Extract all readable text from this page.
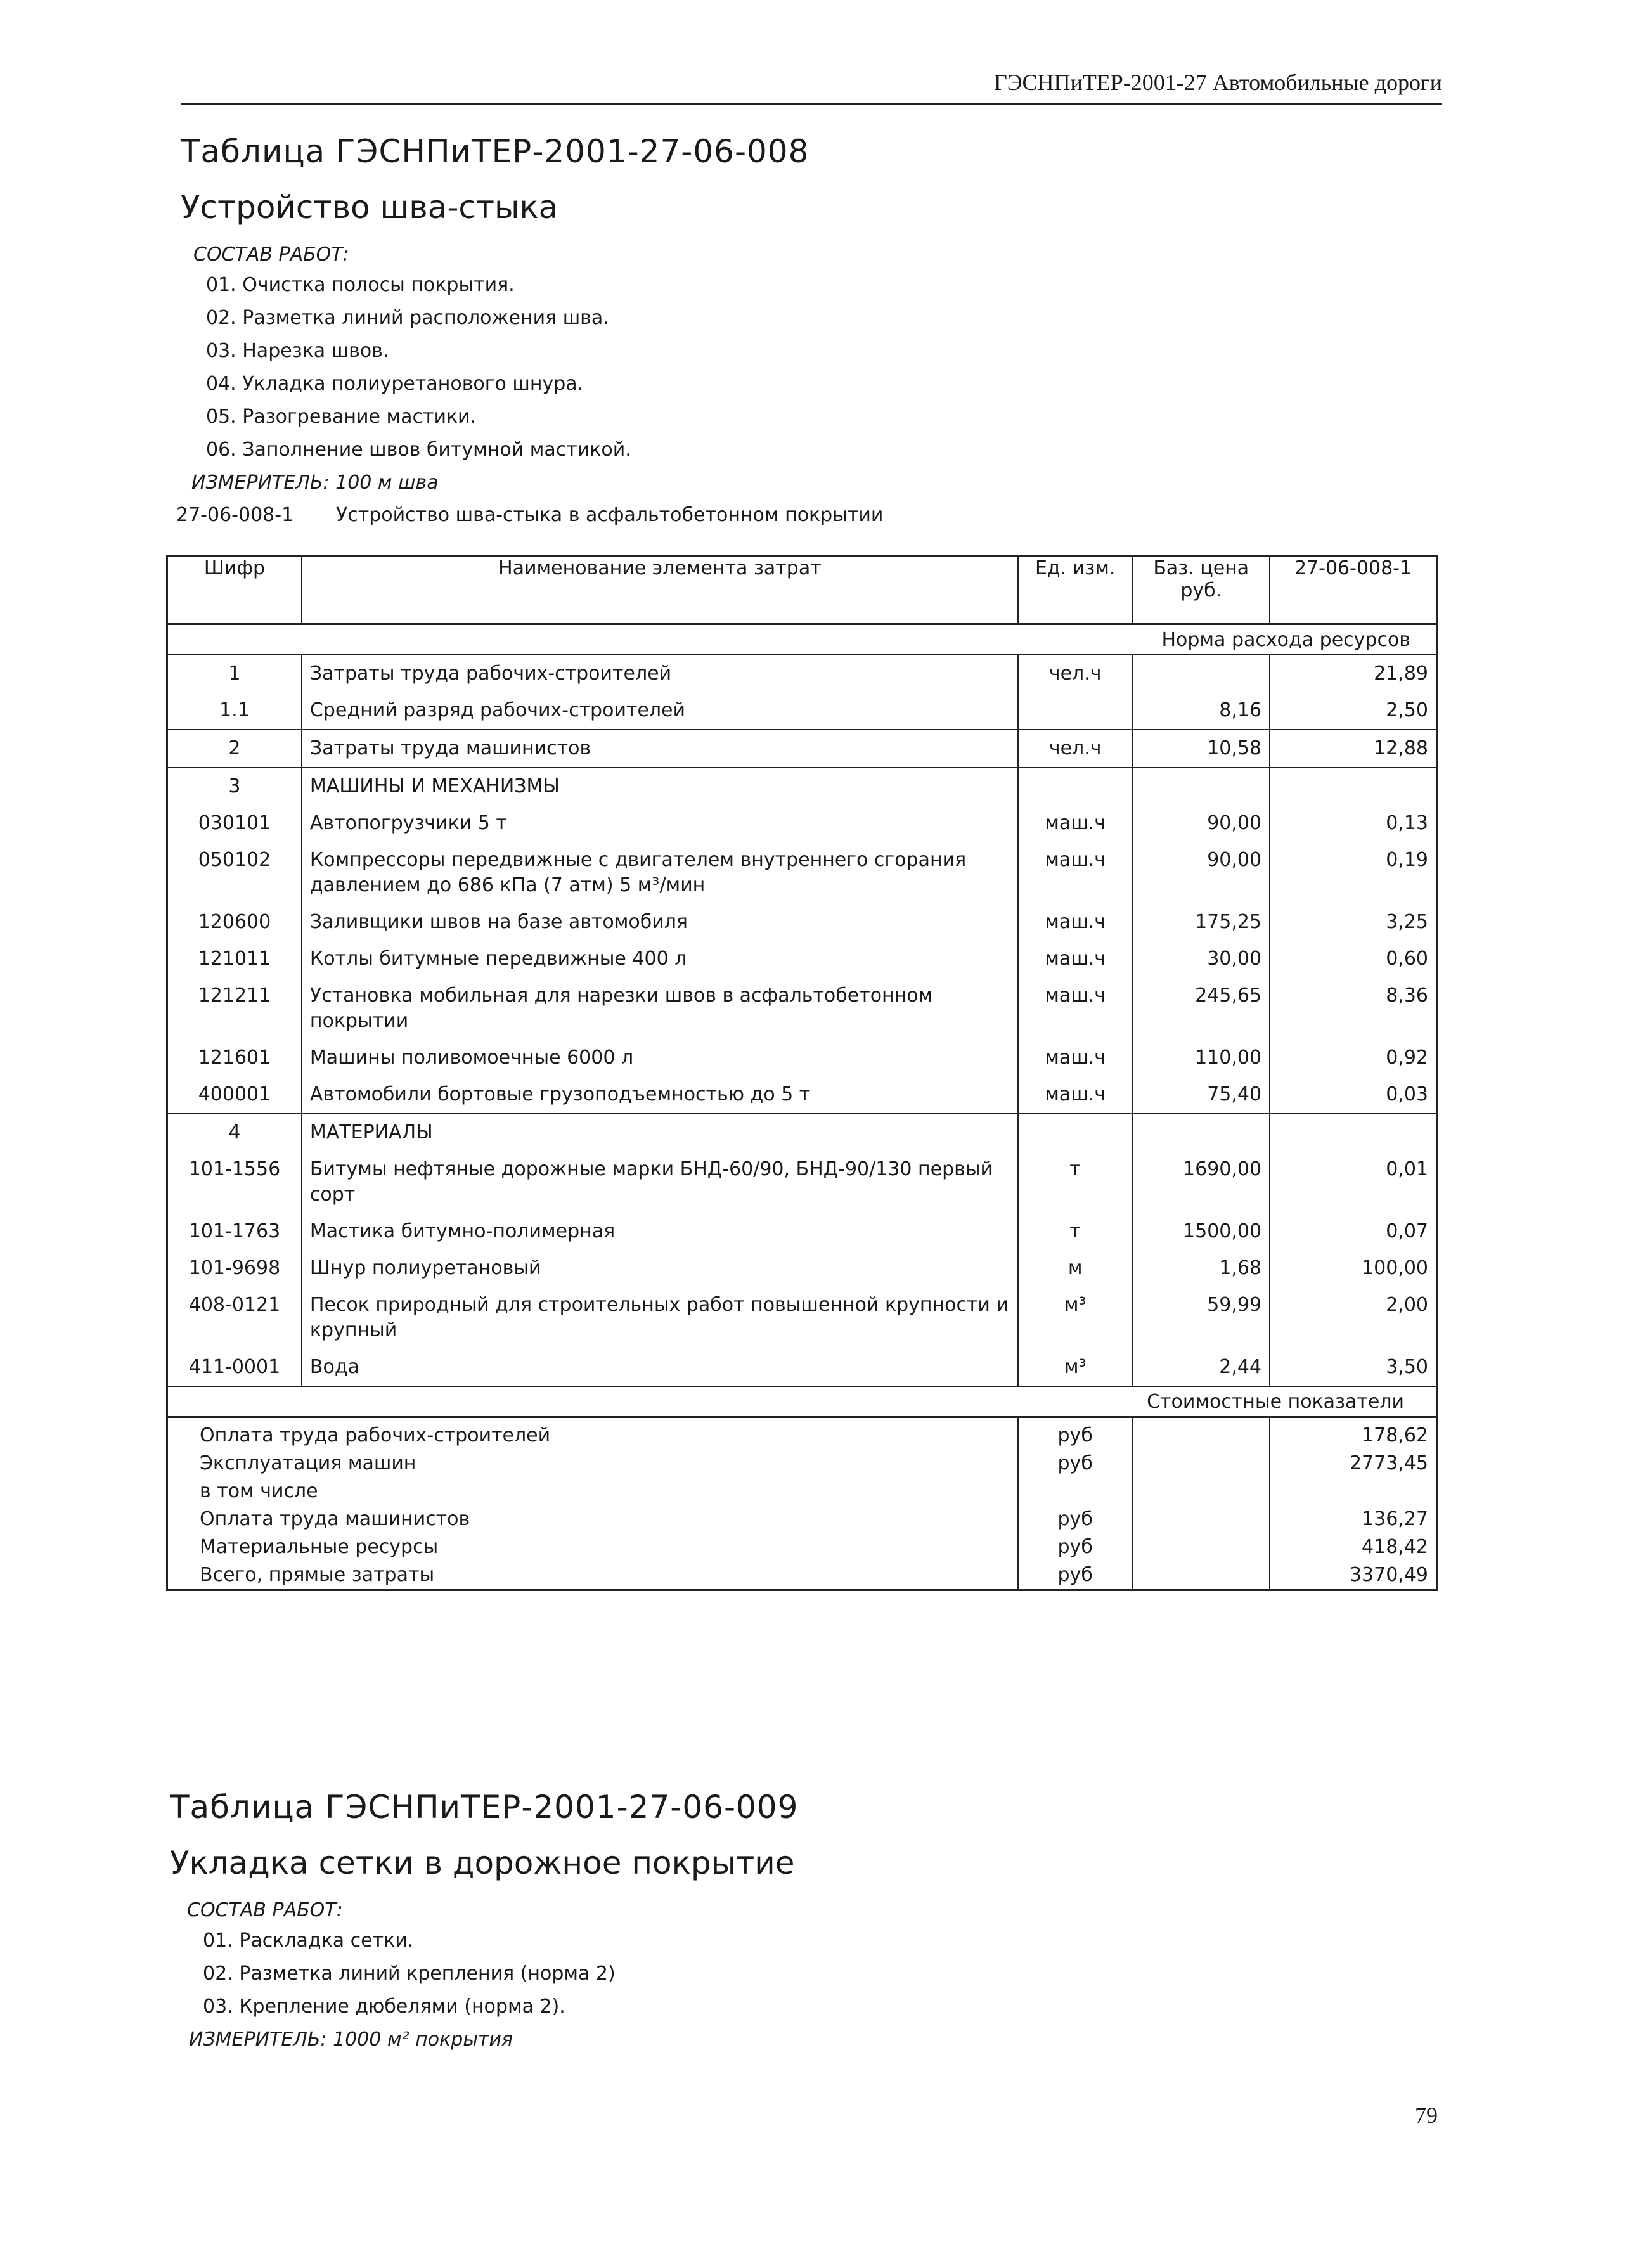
ГЭСНПиТЕР-2001-27 Автомобильные дороги
Таблица ГЭСНПиТЕР-2001-27-06-008
Устройство шва-стыка
СОСТАВ РАБОТ:
01. Очистка полосы покрытия.
02. Разметка линий расположения шва.
03. Нарезка швов.
04. Укладка полиуретанового шнура.
05. Разогревание мастики.
06. Заполнение швов битумной мастикой.
ИЗМЕРИТЕЛЬ: 100 м шва
27-06-008-1 Устройство шва-стыка в асфальтобетонном покрытии
Шифр	Наименование элемента затрат	Ед. изм.	Баз. цена руб.	27-06-008-1
Норма расхода ресурсов				
1	Затраты труда рабочих-строителей	чел.ч		21,89
1.1	Средний разряд рабочих-строителей		8,16	2,50
2	Затраты труда машинистов	чел.ч	10,58	12,88
3	МАШИНЫ И МЕХАНИЗМЫ			
030101	Автопогрузчики 5 т	маш.ч	90,00	0,13
050102	Компрессоры передвижные с двигателем внутреннего сгорания давлением до 686 кПа (7 атм) 5 м³/мин	маш.ч	90,00	0,19
120600	Заливщики швов на базе автомобиля	маш.ч	175,25	3,25
121011	Котлы битумные передвижные 400 л	маш.ч	30,00	0,60
121211	Установка мобильная для нарезки швов в асфальтобетонном покрытии	маш.ч	245,65	8,36
121601	Машины поливомоечные 6000 л	маш.ч	110,00	0,92
400001	Автомобили бортовые грузоподъемностью до 5 т	маш.ч	75,40	0,03
4	МАТЕРИАЛЫ			
101-1556	Битумы нефтяные дорожные марки БНД-60/90, БНД-90/130 первый сорт	т	1690,00	0,01
101-1763	Мастика битумно-полимерная	т	1500,00	0,07
101-9698	Шнур полиуретановый	м	1,68	100,00
408-0121	Песок природный для строительных работ повышенной крупности и крупный	м³	59,99	2,00
411-0001	Вода	м³	2,44	3,50
Стоимостные показатели				
Оплата труда рабочих-строителей		руб		178,62
Эксплуатация машин		руб		2773,45
в том числе				
Оплата труда машинистов		руб		136,27
Материальные ресурсы		руб		418,42
Всего, прямые затраты		руб		3370,49
Таблица ГЭСНПиТЕР-2001-27-06-009
Укладка сетки в дорожное покрытие
СОСТАВ РАБОТ:
01. Раскладка сетки.
02. Разметка линий крепления (норма 2)
03. Крепление дюбелями (норма 2).
ИЗМЕРИТЕЛЬ: 1000 м² покрытия
79
